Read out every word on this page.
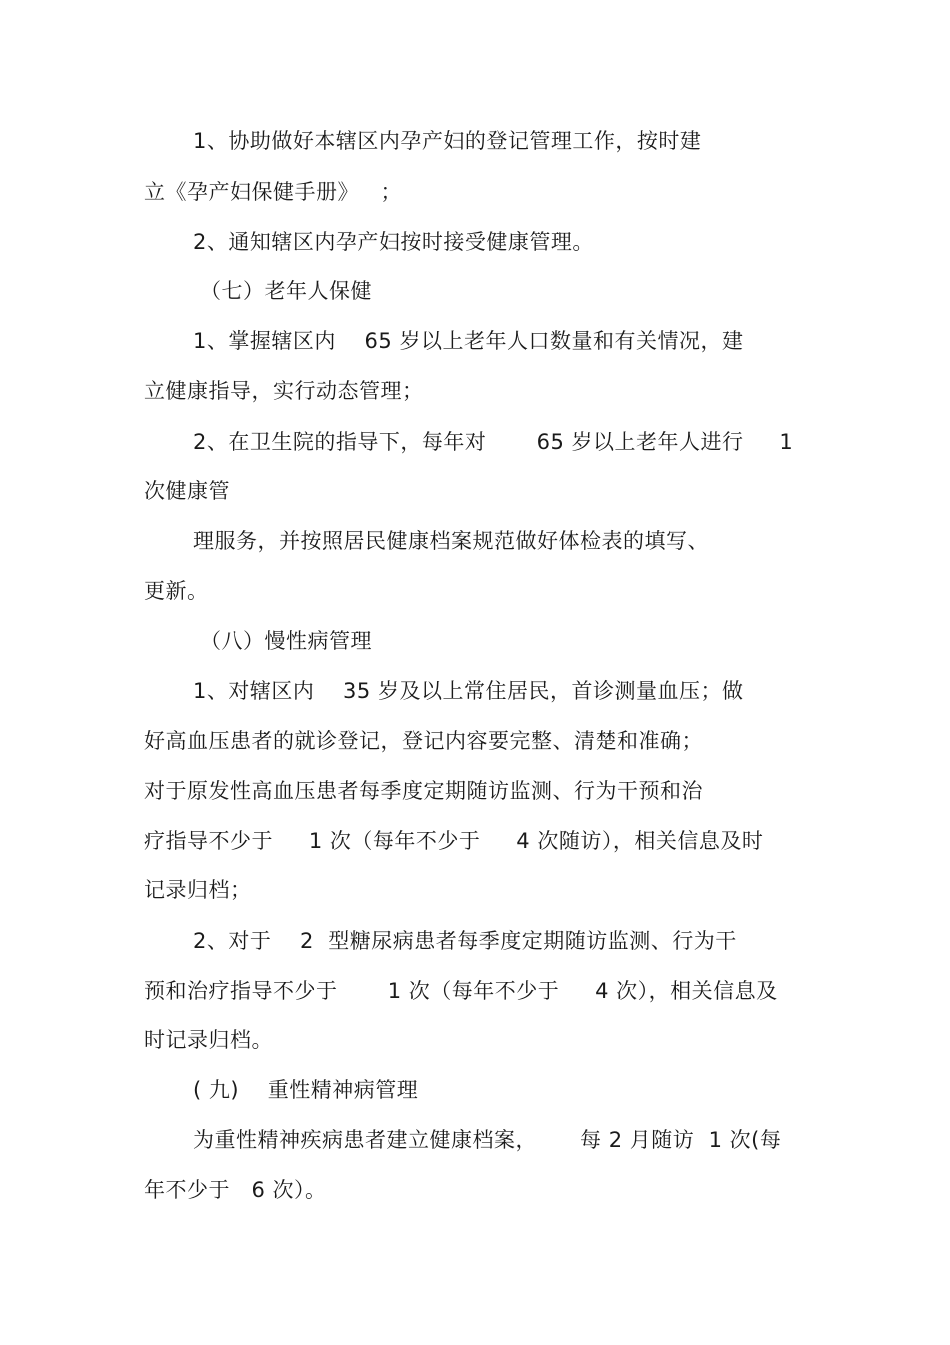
1、协助做好本辖区内孕产妇的登记管理工作，按时建
立《孕产妇保健手册》   ；
2、通知辖区内孕产妇按时接受健康管理。
（七）老年人保健
1、掌握辖区内    65 岁以上老年人口数量和有关情况，建
立健康指导，实行动态管理；
2、在卫生院的指导下，每年对       65 岁以上老年人进行     1
次健康管
理服务，并按照居民健康档案规范做好体检表的填写、
更新。
（八）慢性病管理
1、对辖区内    35 岁及以上常住居民，首诊测量血压；做
好高血压患者的就诊登记，登记内容要完整、清楚和准确；
对于原发性高血压患者每季度定期随访监测、行为干预和治
疗指导不少于     1 次（每年不少于     4 次随访），相关信息及时
记录归档；
2、对于    2  型糖尿病患者每季度定期随访监测、行为干
预和治疗指导不少于       1 次（每年不少于     4 次），相关信息及
时记录归档。
( 九)    重性精神病管理
为重性精神疾病患者建立健康档案，      每 2 月随访  1 次(每
年不少于   6 次）。
